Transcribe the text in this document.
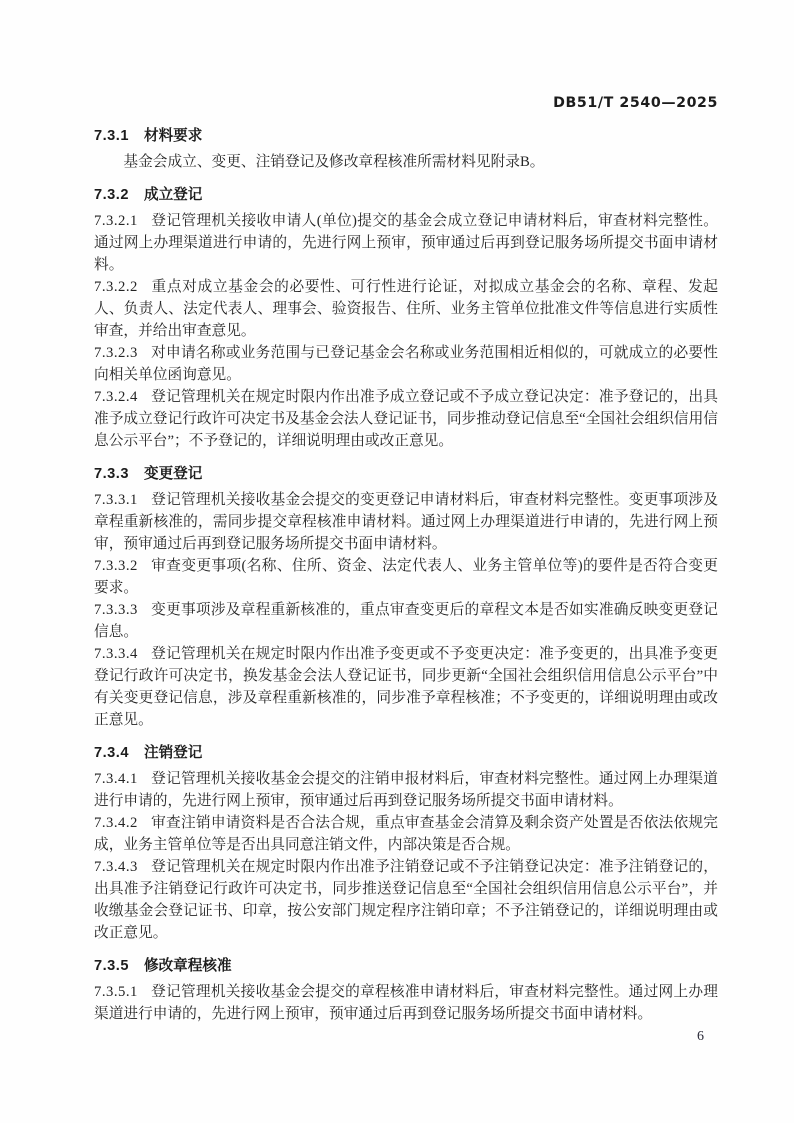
DB51/T 2540—2025
7.3.1 材料要求

基金会成立、变更、注销登记及修改章程核准所需材料见附录B。

7.3.2 成立登记

7.3.2.1 登记管理机关接收申请人(单位)提交的基金会成立登记申请材料后，审查材料完整性。通过网上办理渠道进行申请的，先进行网上预审，预审通过后再到登记服务场所提交书面申请材料。

7.3.2.2 重点对成立基金会的必要性、可行性进行论证，对拟成立基金会的名称、章程、发起人、负责人、法定代表人、理事会、验资报告、住所、业务主管单位批准文件等信息进行实质性审查，并给出审查意见。

7.3.2.3 对申请名称或业务范围与已登记基金会名称或业务范围相近相似的，可就成立的必要性向相关单位函询意见。

7.3.2.4 登记管理机关在规定时限内作出准予成立登记或不予成立登记决定：准予登记的，出具准予成立登记行政许可决定书及基金会法人登记证书，同步推动登记信息至“全国社会组织信用信息公示平台”；不予登记的，详细说明理由或改正意见。

7.3.3 变更登记

7.3.3.1 登记管理机关接收基金会提交的变更登记申请材料后，审查材料完整性。变更事项涉及章程重新核准的，需同步提交章程核准申请材料。通过网上办理渠道进行申请的，先进行网上预审，预审通过后再到登记服务场所提交书面申请材料。

7.3.3.2 审查变更事项(名称、住所、资金、法定代表人、业务主管单位等)的要件是否符合变更要求。

7.3.3.3 变更事项涉及章程重新核准的，重点审查变更后的章程文本是否如实准确反映变更登记信息。

7.3.3.4 登记管理机关在规定时限内作出准予变更或不予变更决定：准予变更的，出具准予变更登记行政许可决定书，换发基金会法人登记证书，同步更新“全国社会组织信用信息公示平台”中有关变更登记信息，涉及章程重新核准的，同步准予章程核准；不予变更的，详细说明理由或改正意见。

7.3.4 注销登记

7.3.4.1 登记管理机关接收基金会提交的注销申报材料后，审查材料完整性。通过网上办理渠道进行申请的，先进行网上预审，预审通过后再到登记服务场所提交书面申请材料。

7.3.4.2 审查注销申请资料是否合法合规，重点审查基金会清算及剩余资产处置是否依法依规完成，业务主管单位等是否出具同意注销文件，内部决策是否合规。

7.3.4.3 登记管理机关在规定时限内作出准予注销登记或不予注销登记决定：准予注销登记的，出具准予注销登记行政许可决定书，同步推送登记信息至“全国社会组织信用信息公示平台”，并收缴基金会登记证书、印章，按公安部门规定程序注销印章；不予注销登记的，详细说明理由或改正意见。

7.3.5 修改章程核准

7.3.5.1 登记管理机关接收基金会提交的章程核准申请材料后，审查材料完整性。通过网上办理渠道进行申请的，先进行网上预审，预审通过后再到登记服务场所提交书面申请材料。

6
